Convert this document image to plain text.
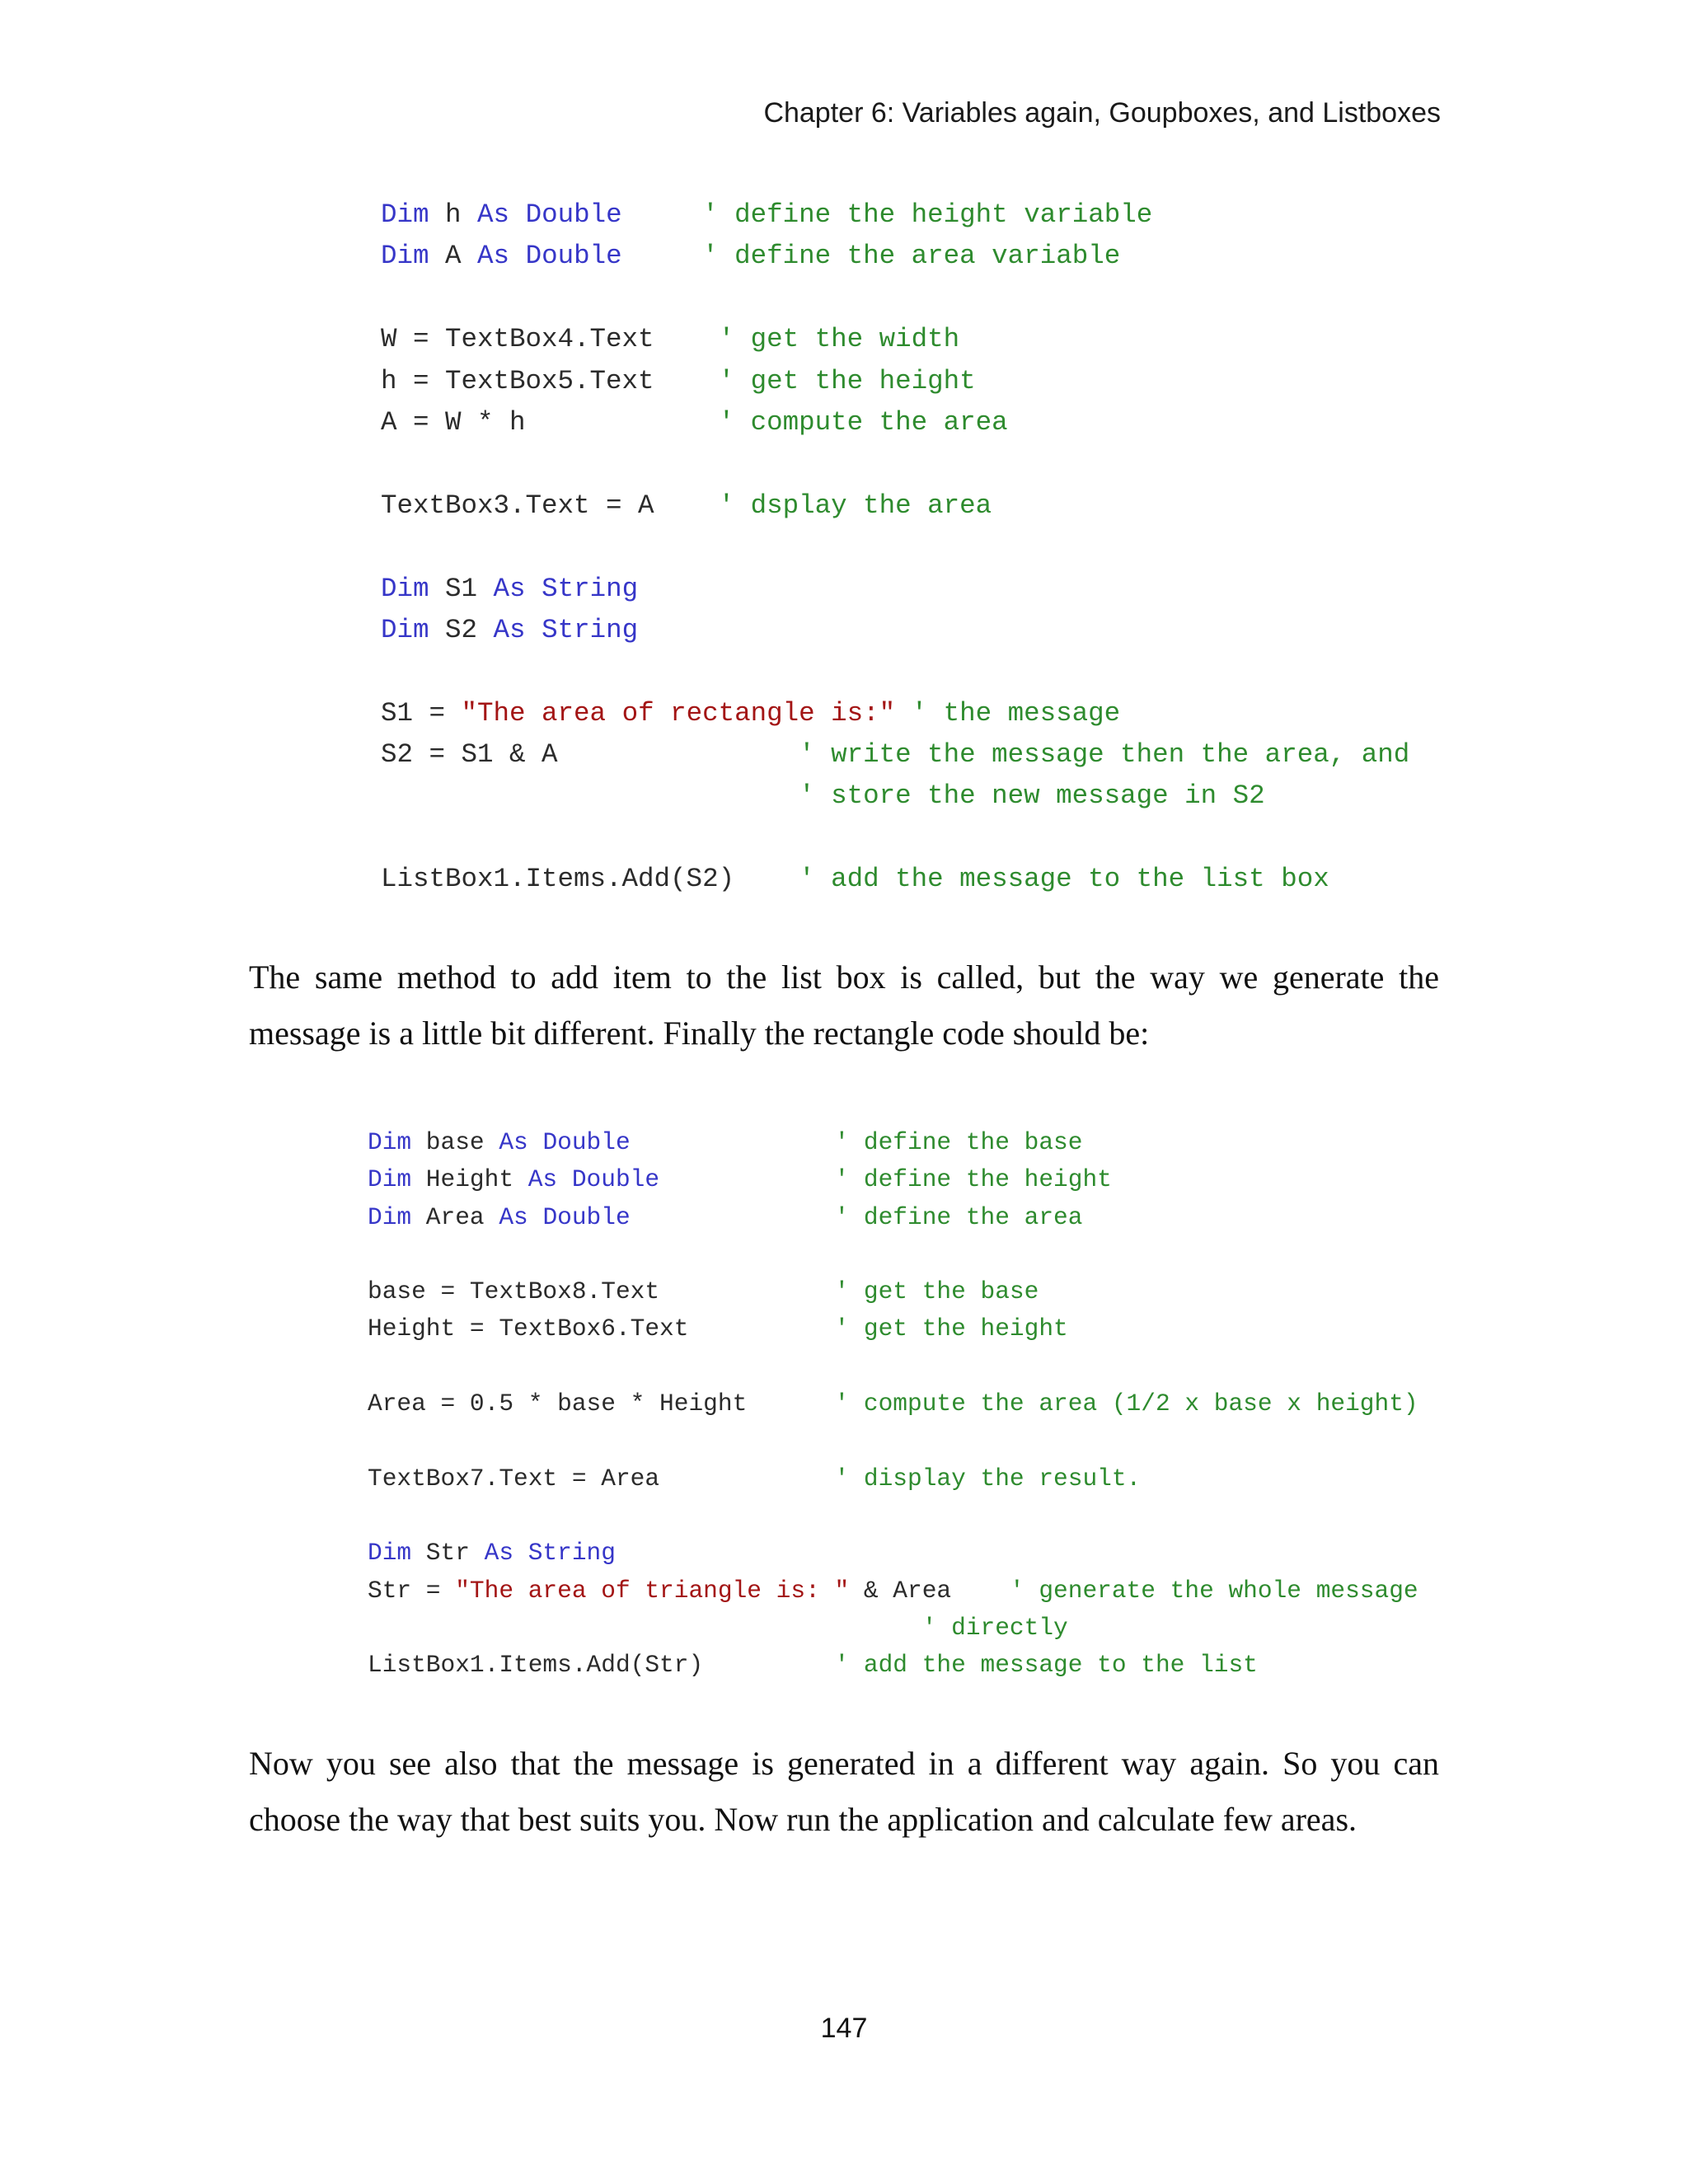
Chapter 6: Variables again, Goupboxes, and Listboxes
Dim h As Double	' define the height variable
Dim A As Double	' define the area variable

W = TextBox4.Text    ' get the width
h = TextBox5.Text    ' get the height
A = W * h            ' compute the area

TextBox3.Text = A    ' dsplay the area

Dim S1 As String
Dim S2 As String

S1 = "The area of rectangle is:" ' the message
S2 = S1 & A               ' write the message then the area, and
' store the new message in S2

ListBox1.Items.Add(S2)    ' add the message to the list box
The same method to add item to the list box is called, but the way we generate the message is a little bit different. Finally the rectangle code should be:
Dim base As Double	' define the base
Dim Height As Double	' define the height
Dim Area As Double	' define the area

base = TextBox8.Text            ' get the base
Height = TextBox6.Text          ' get the height

Area = 0.5 * base * Height      ' compute the area (1/2 x base x height)

TextBox7.Text = Area            ' display the result.

Dim Str As String
Str = "The area of triangle is: " & Area    ' generate the whole message
' directly
ListBox1.Items.Add(Str)         ' add the message to the list
Now you see also that the message is generated in a different way again. So you can choose the way that best suits you. Now run the application and calculate few areas.
147
